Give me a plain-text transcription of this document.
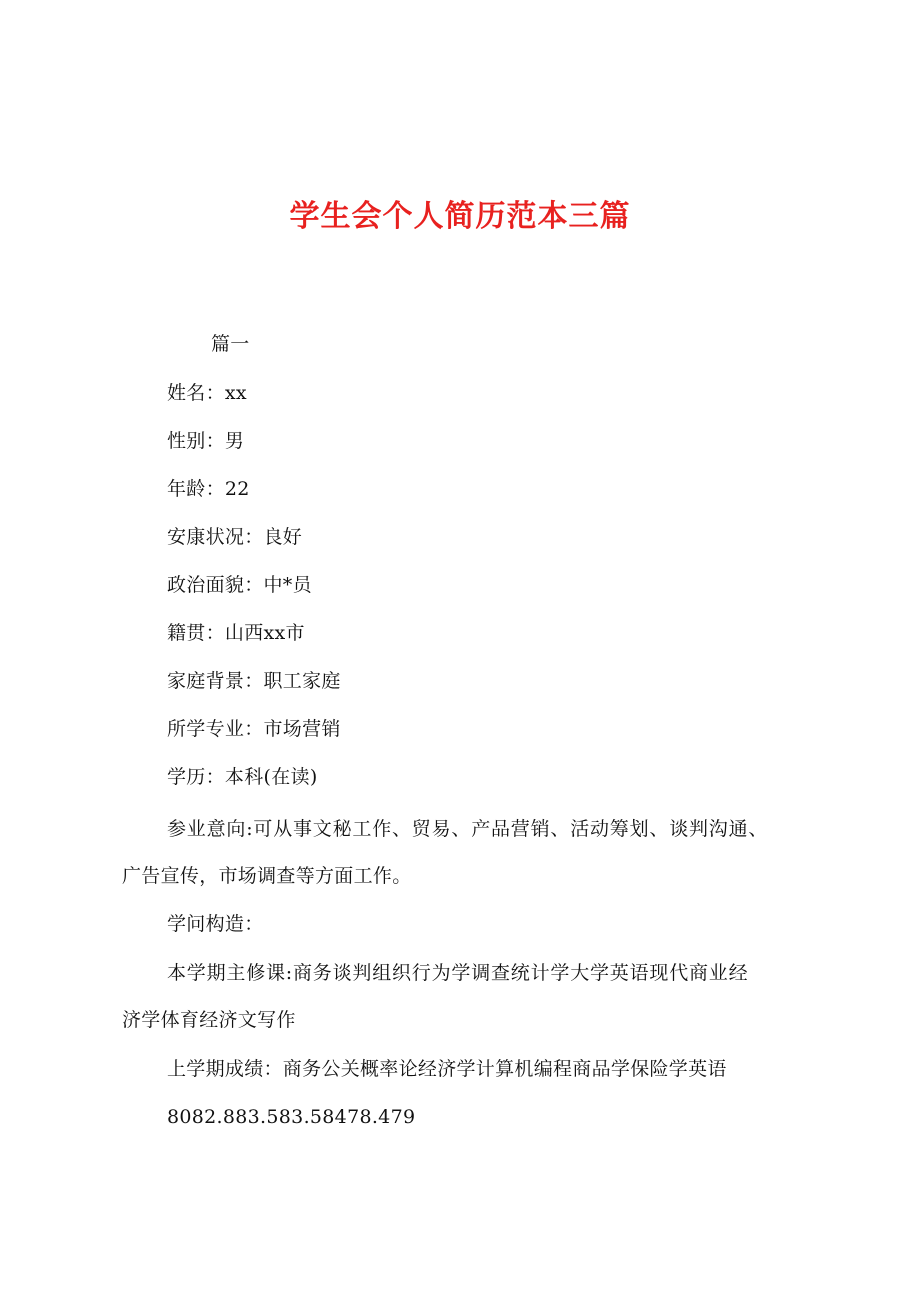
学生会个人简历范本三篇
篇一
姓名：xx
性别：男
年龄：22
安康状况：良好
政治面貌：中*员
籍贯：山西xx市
家庭背景：职工家庭
所学专业：市场营销
学历：本科(在读)
参业意向:可从事文秘工作、贸易、产品营销、活动筹划、谈判沟通、
广告宣传，市场调查等方面工作。
学问构造：
本学期主修课:商务谈判组织行为学调查统计学大学英语现代商业经
济学体育经济文写作
上学期成绩：商务公关概率论经济学计算机编程商品学保险学英语
8082.883.583.58478.479
